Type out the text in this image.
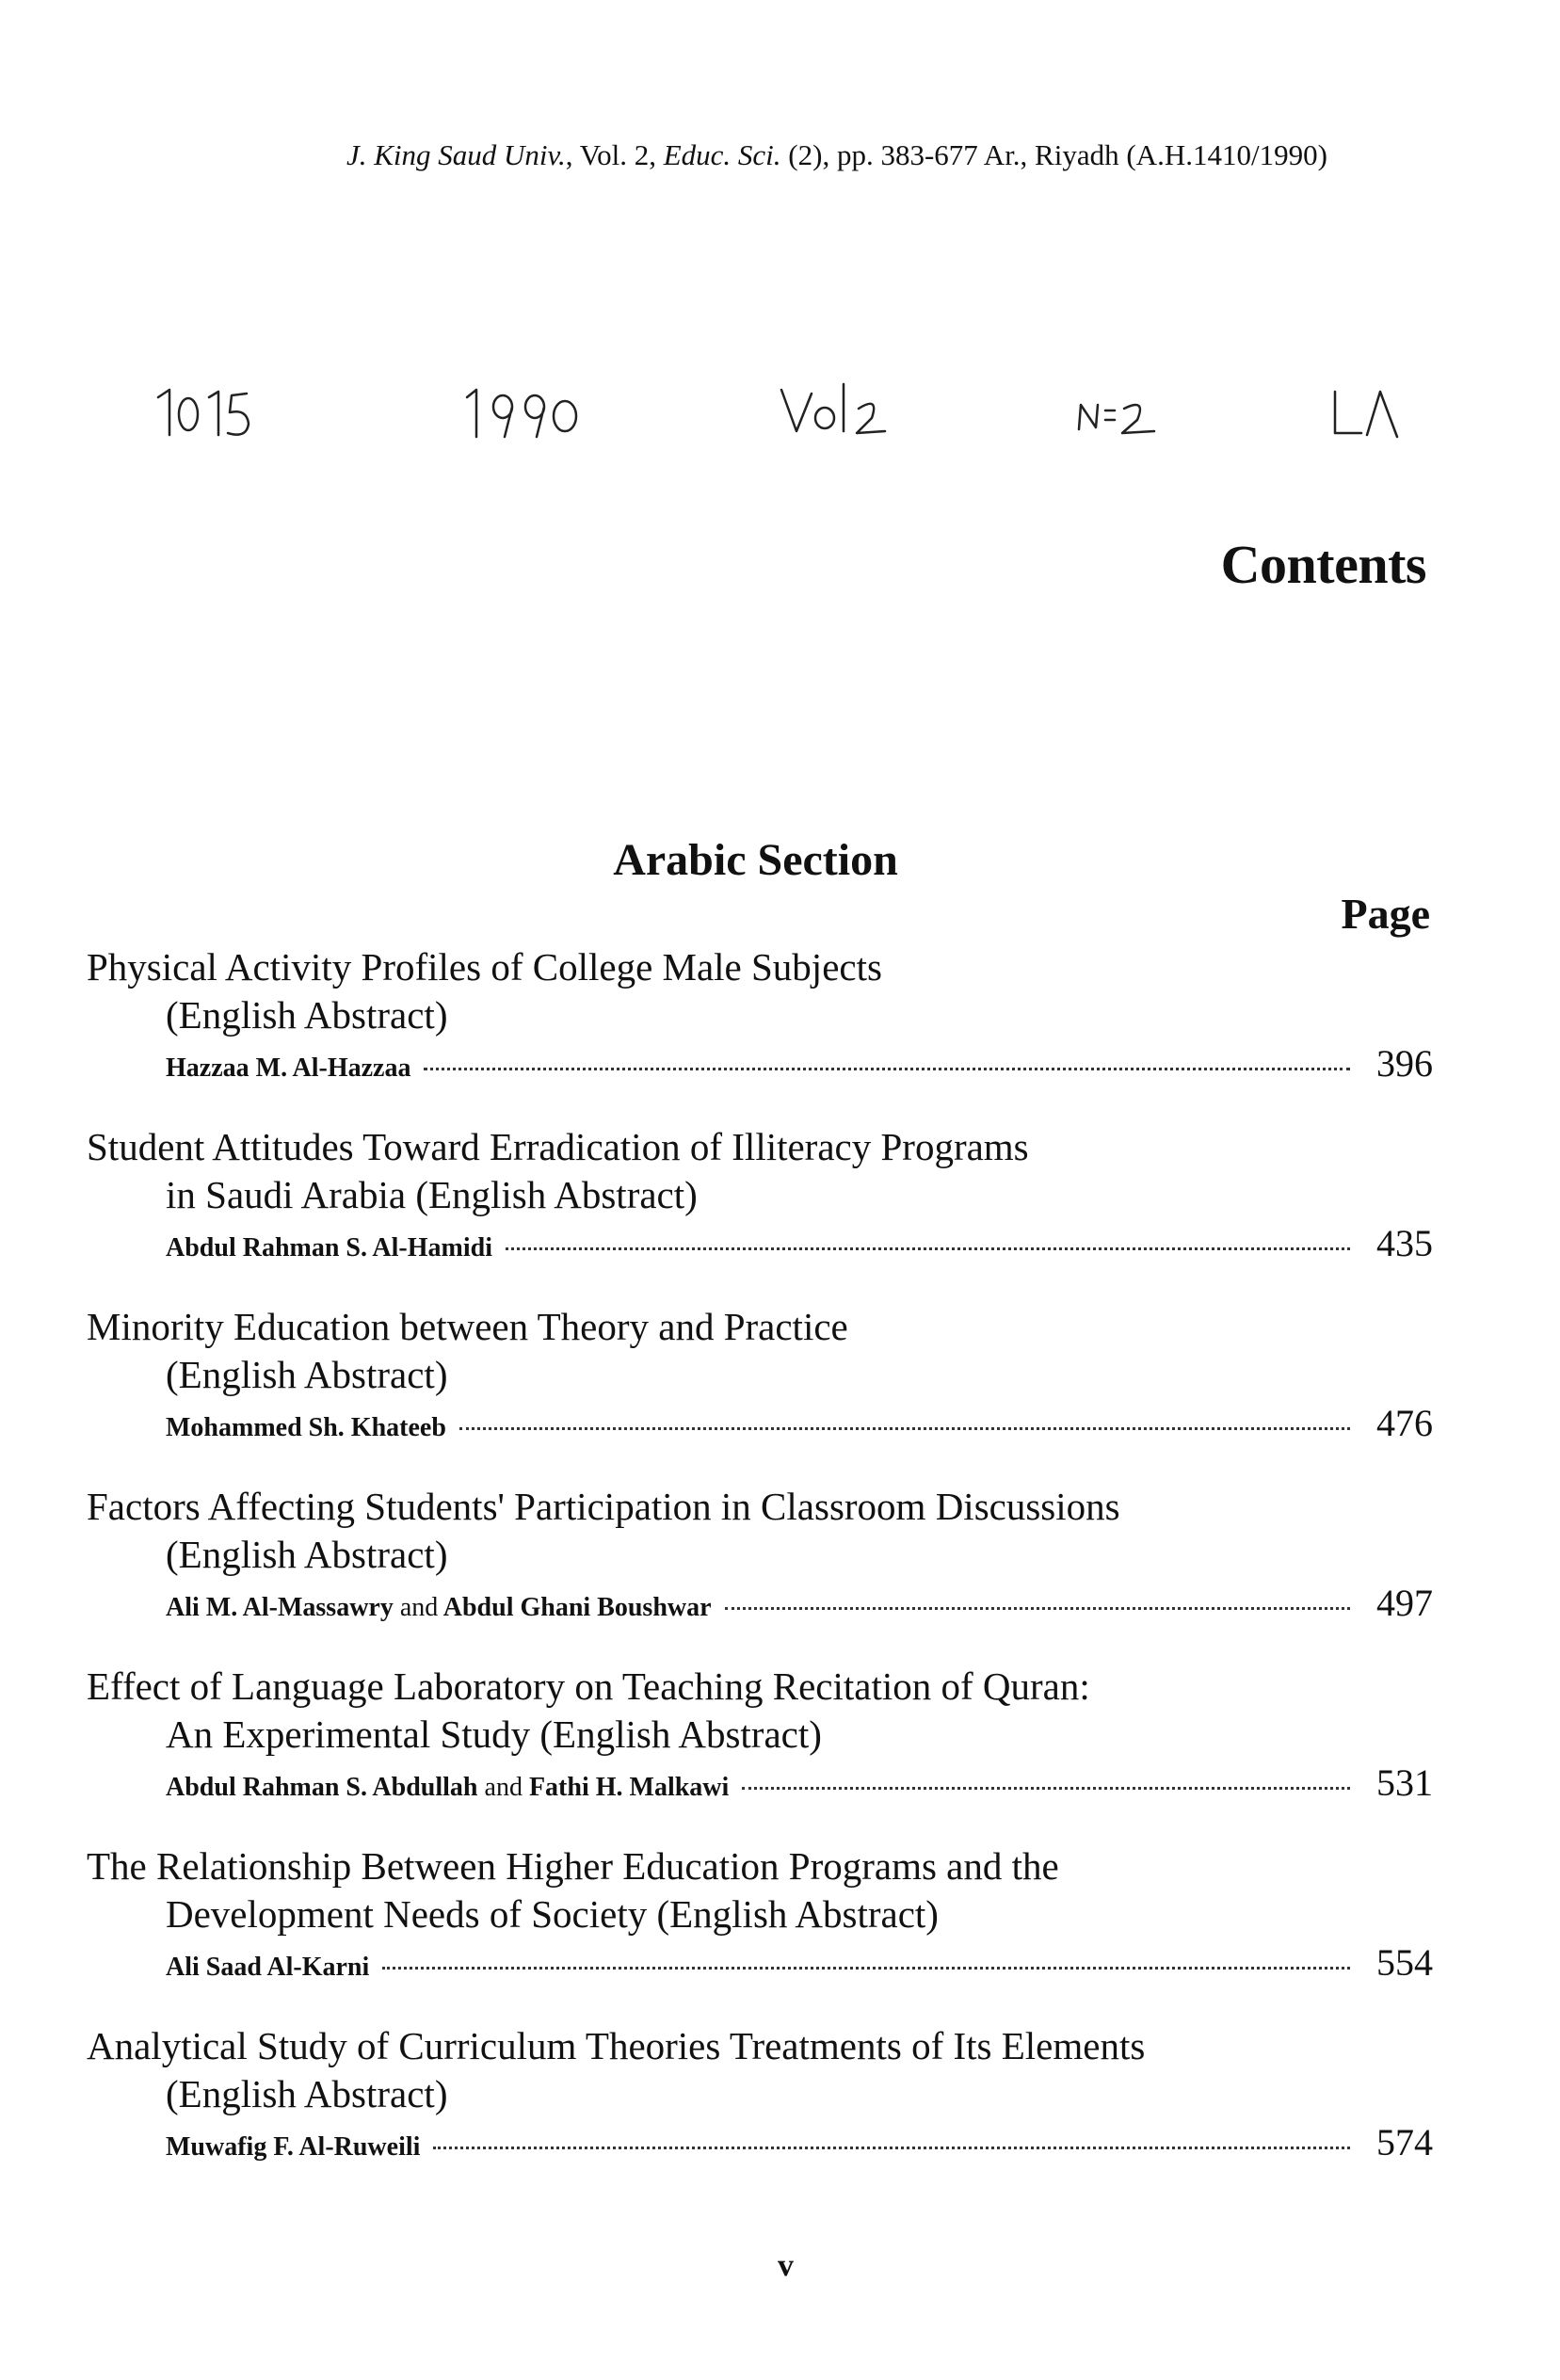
J. King Saud Univ., Vol. 2, Educ. Sci. (2), pp. 383-677 Ar., Riyadh (A.H.1410/1990)
Contents
Arabic Section
Page
Physical Activity Profiles of College Male Subjects
(English Abstract)
Hazzaa M. Al-Hazzaa	396
Student Attitudes Toward Erradication of Illiteracy Programs
in Saudi Arabia (English Abstract)
Abdul Rahman S. Al-Hamidi	435
Minority Education between Theory and Practice
(English Abstract)
Mohammed Sh. Khateeb	476
Factors Affecting Students' Participation in Classroom Discussions
(English Abstract)
Ali M. Al-Massawry and Abdul Ghani Boushwar	497
Effect of Language Laboratory on Teaching Recitation of Quran:
An Experimental Study (English Abstract)
Abdul Rahman S. Abdullah and Fathi H. Malkawi	531
The Relationship Between Higher Education Programs and the
Development Needs of Society (English Abstract)
Ali Saad Al-Karni	554
Analytical Study of Curriculum Theories Treatments of Its Elements
(English Abstract)
Muwafig F. Al-Ruweili	574
v
